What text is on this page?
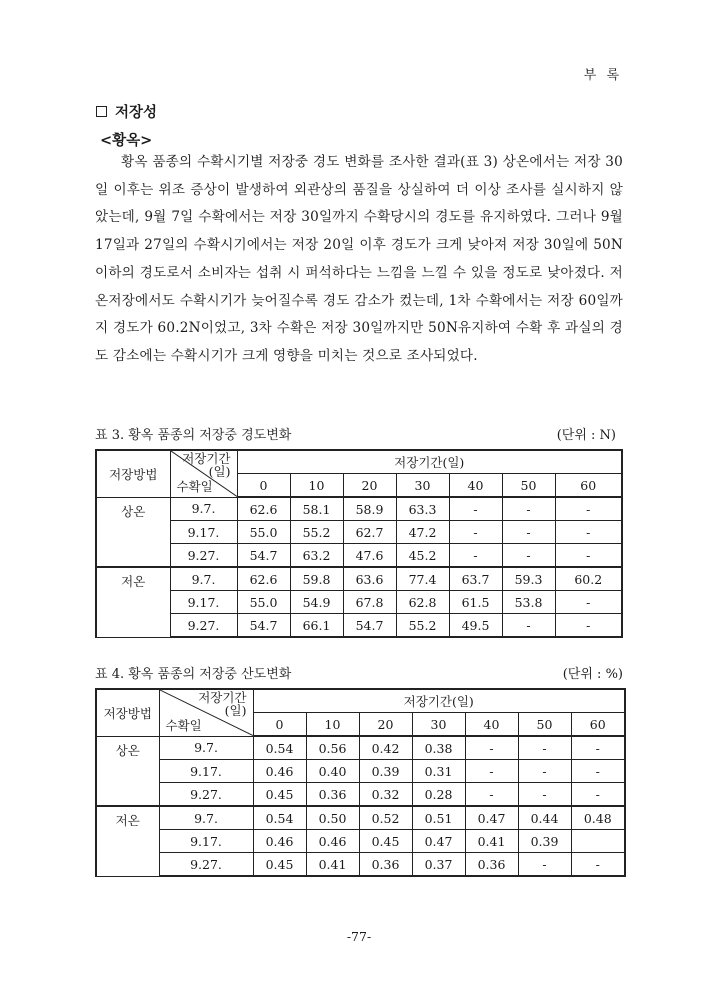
부 록
저장성
<황옥>

황옥 품종의 수확시기별 저장중 경도 변화를 조사한 결과(표 3) 상온에서는 저장 30일 이후는 위조 증상이 발생하여 외관상의 품질을 상실하여 더 이상 조사를 실시하지 않았는데, 9월 7일 수확에서는 저장 30일까지 수확당시의 경도를 유지하였다. 그러나 9월 17일과 27일의 수확시기에서는 저장 20일 이후 경도가 크게 낮아져 저장 30일에 50N 이하의 경도로서 소비자는 섭취 시 퍼석하다는 느낌을 느낄 수 있을 정도로 낮아졌다. 저온저장에서도 수확시기가 늦어질수록 경도 감소가 컸는데, 1차 수확에서는 저장 60일까지 경도가 60.2N이었고, 3차 수확은 저장 30일까지만 50N유지하여 수확 후 과실의 경도 감소에는 수확시기가 크게 영향을 미치는 것으로 조사되었다.

표 3. 황옥 품종의 저장중 경도변화	(단위 : N)
저장방법	저장기간
(일)
수확일	저장기간(일)						
		0	10	20	30	40	50	60
상온	9.7.	62.6	58.1	58.9	63.3	-	-	-
	9.17.	55.0	55.2	62.7	47.2	-	-	-
	9.27.	54.7	63.2	47.6	45.2	-	-	-
저온	9.7.	62.6	59.8	63.6	77.4	63.7	59.3	60.2
	9.17.	55.0	54.9	67.8	62.8	61.5	53.8	-
	9.27.	54.7	66.1	54.7	55.2	49.5	-	-
표 4. 황옥 품종의 저장중 산도변화	(단위 : %)
저장방법	저장기간
(일)
수확일	저장기간(일)						
		0	10	20	30	40	50	60
상온	9.7.	0.54	0.56	0.42	0.38	-	-	-
	9.17.	0.46	0.40	0.39	0.31	-	-	-
	9.27.	0.45	0.36	0.32	0.28	-	-	-
저온	9.7.	0.54	0.50	0.52	0.51	0.47	0.44	0.48
	9.17.	0.46	0.46	0.45	0.47	0.41	0.39	
	9.27.	0.45	0.41	0.36	0.37	0.36	-	-
-77-
